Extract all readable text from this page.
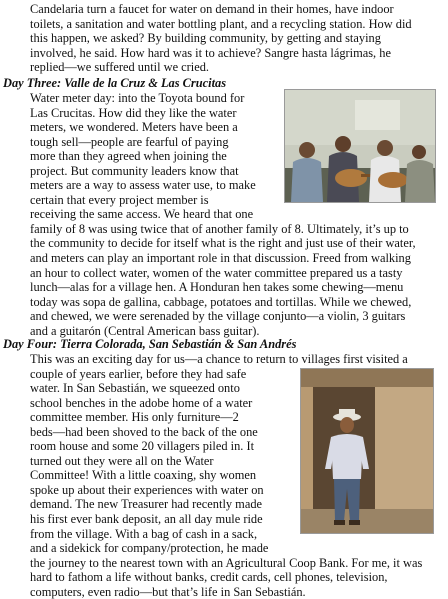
Candelaria turn a faucet for water on demand in their homes, have indoor
toilets, a sanitation and water bottling plant, and a recycling station. How did
this happen, we asked? By building community, by getting and staying
involved, he said. How hard was it to achieve? Sangre hasta lágrimas, he
replied—we suffered until we cried.
Day Three: Valle de la Cruz & Las Crucitas
Water meter day: into the Toyota bound for
Las Crucitas. How did they like the water
meters, we wondered. Meters have been a
tough sell—people are fearful of paying
more than they agreed when joining the
project. But community leaders know that
meters are a way to assess water use, to make
certain that every project member is
receiving the same access. We heard that one
family of 8 was using twice that of another family of 8. Ultimately, it’s up to
the community to decide for itself what is the right and just use of their water,
and meters can play an important role in that discussion. Freed from walking
an hour to collect water, women of the water committee prepared us a tasty
lunch—alas for a village hen. A Honduran hen takes some chewing—menu
today was sopa de gallina, cabbage, potatoes and tortillas. While we chewed,
and chewed, we were serenaded by the village conjunto—a violin, 3 guitars
and a guitarón (Central American bass guitar).
Day Four: Tierra Colorada, San Sebastián & San Andrés
This was an exciting day for us—a chance to return to villages first visited a
couple of years earlier, before they had safe
water. In San Sebastián, we squeezed onto
school benches in the adobe home of a water
committee member. His only furniture—2
beds—had been shoved to the back of the one
room house and some 20 villagers piled in. It
turned out they were all on the Water
Committee! With a little coaxing, shy women
spoke up about their experiences with water on
demand. The new Treasurer had recently made
his first ever bank deposit, an all day mule ride
from the village. With a bag of cash in a sack,
and a sidekick for company/protection, he made
the journey to the nearest town with an Agricultural Coop Bank. For me, it was
hard to fathom a life without banks, credit cards, cell phones, television,
computers, even radio—but that’s life in San Sebastián.
